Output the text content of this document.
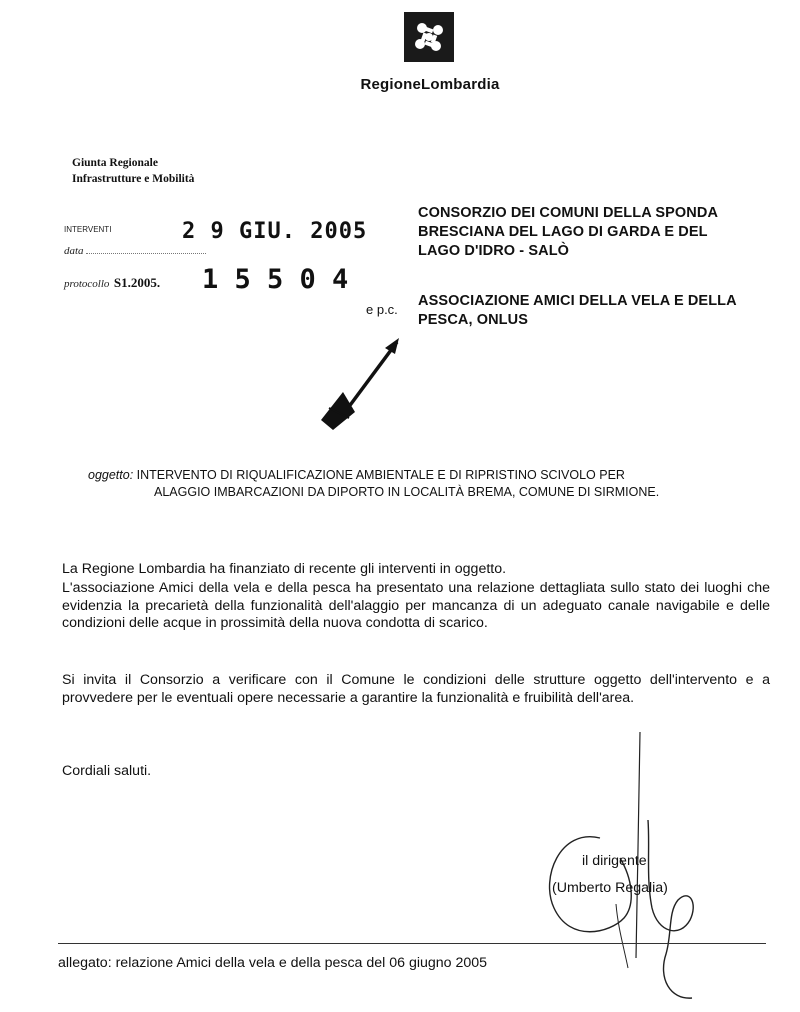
RegioneLombardia
Giunta Regionale
Infrastrutture e Mobilità
INTERVENTI
data
2 9 GIU. 2005
protocollo S1.2005. 1 5 5 0 4
CONSORZIO DEI COMUNI DELLA SPONDA
BRESCIANA DEL LAGO DI GARDA E DEL
LAGO D'IDRO - SALÒ
e p.c.
ASSOCIAZIONE AMICI DELLA VELA E DELLA
PESCA, ONLUS
oggetto: INTERVENTO DI RIQUALIFICAZIONE AMBIENTALE E DI RIPRISTINO SCIVOLO PER
ALAGGIO IMBARCAZIONI DA DIPORTO IN LOCALITÀ BREMA, COMUNE DI SIRMIONE.
La Regione Lombardia ha finanziato di recente gli interventi in oggetto.
L'associazione Amici della vela e della pesca ha presentato una relazione dettagliata sullo stato dei luoghi che evidenzia la precarietà della funzionalità dell'alaggio per mancanza di un adeguato canale navigabile e delle condizioni delle acque in prossimità della nuova condotta di scarico.
Si invita il Consorzio a verificare con il Comune le condizioni delle strutture oggetto dell'intervento e a provvedere per le eventuali opere necessarie a garantire la funzionalità e fruibilità dell'area.
Cordiali saluti.
il dirigente
(Umberto Regalia)
allegato: relazione Amici della vela e della pesca del 06 giugno 2005
